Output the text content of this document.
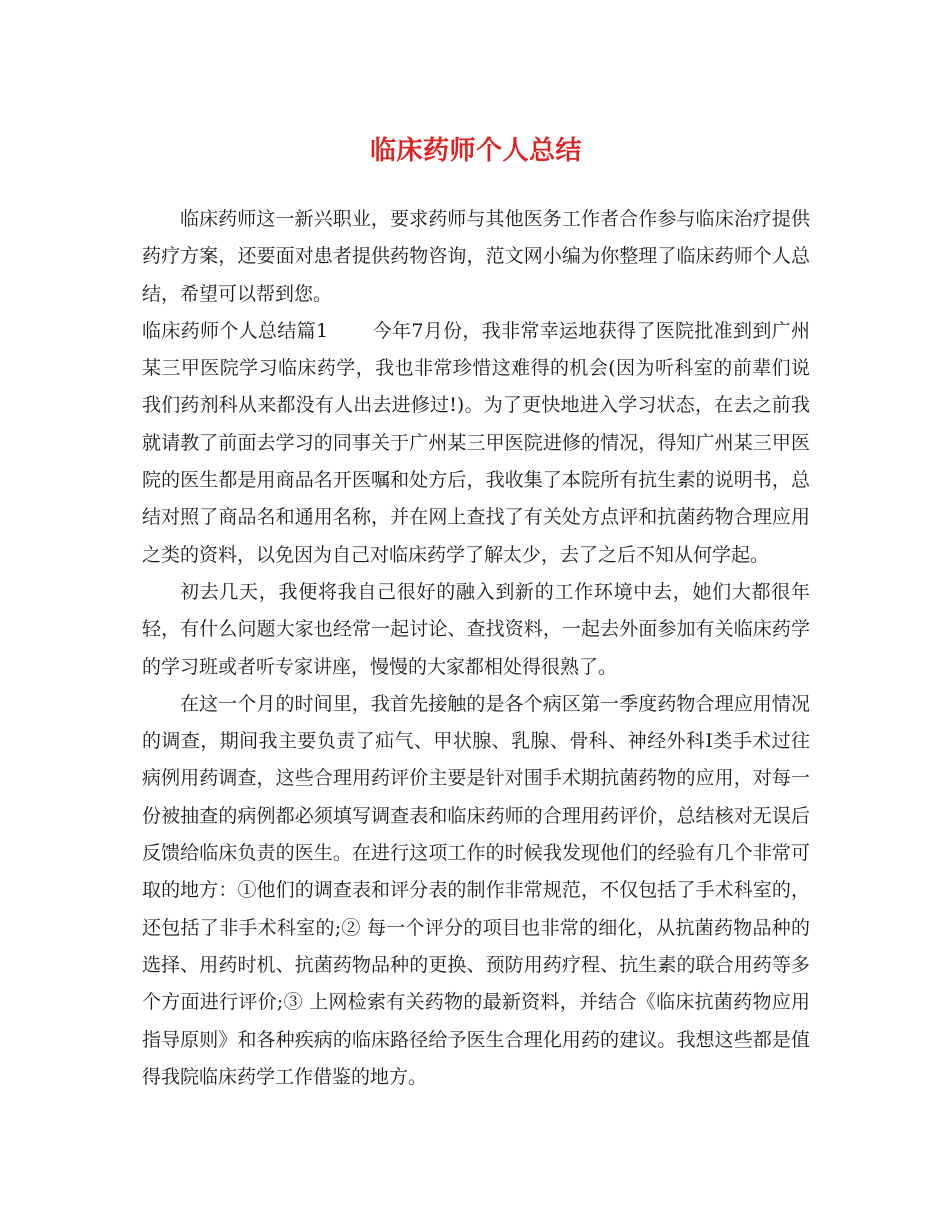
临床药师个人总结

临床药师这一新兴职业，要求药师与其他医务工作者合作参与临床治疗提供药疗方案，还要面对患者提供药物咨询，范文网小编为你整理了临床药师个人总结，希望可以帮到您。

临床药师个人总结篇1 今年7月份，我非常幸运地获得了医院批准到到广州某三甲医院学习临床药学，我也非常珍惜这难得的机会(因为听科室的前辈们说我们药剂科从来都没有人出去进修过!)。为了更快地进入学习状态，在去之前我就请教了前面去学习的同事关于广州某三甲医院进修的情况，得知广州某三甲医院的医生都是用商品名开医嘱和处方后，我收集了本院所有抗生素的说明书，总结对照了商品名和通用名称，并在网上查找了有关处方点评和抗菌药物合理应用之类的资料，以免因为自己对临床药学了解太少，去了之后不知从何学起。

初去几天，我便将我自己很好的融入到新的工作环境中去，她们大都很年轻，有什么问题大家也经常一起讨论、查找资料，一起去外面参加有关临床药学的学习班或者听专家讲座，慢慢的大家都相处得很熟了。

在这一个月的时间里，我首先接触的是各个病区第一季度药物合理应用情况的调查，期间我主要负责了疝气、甲状腺、乳腺、骨科、神经外科Ⅰ类手术过往病例用药调查，这些合理用药评价主要是针对围手术期抗菌药物的应用，对每一份被抽查的病例都必须填写调查表和临床药师的合理用药评价，总结核对无误后反馈给临床负责的医生。在进行这项工作的时候我发现他们的经验有几个非常可取的地方：①他们的调查表和评分表的制作非常规范，不仅包括了手术科室的，还包括了非手术科室的;② 每一个评分的项目也非常的细化，从抗菌药物品种的选择、用药时机、抗菌药物品种的更换、预防用药疗程、抗生素的联合用药等多个方面进行评价;③ 上网检索有关药物的最新资料，并结合《临床抗菌药物应用指导原则》和各种疾病的临床路径给予医生合理化用药的建议。我想这些都是值得我院临床药学工作借鉴的地方。
